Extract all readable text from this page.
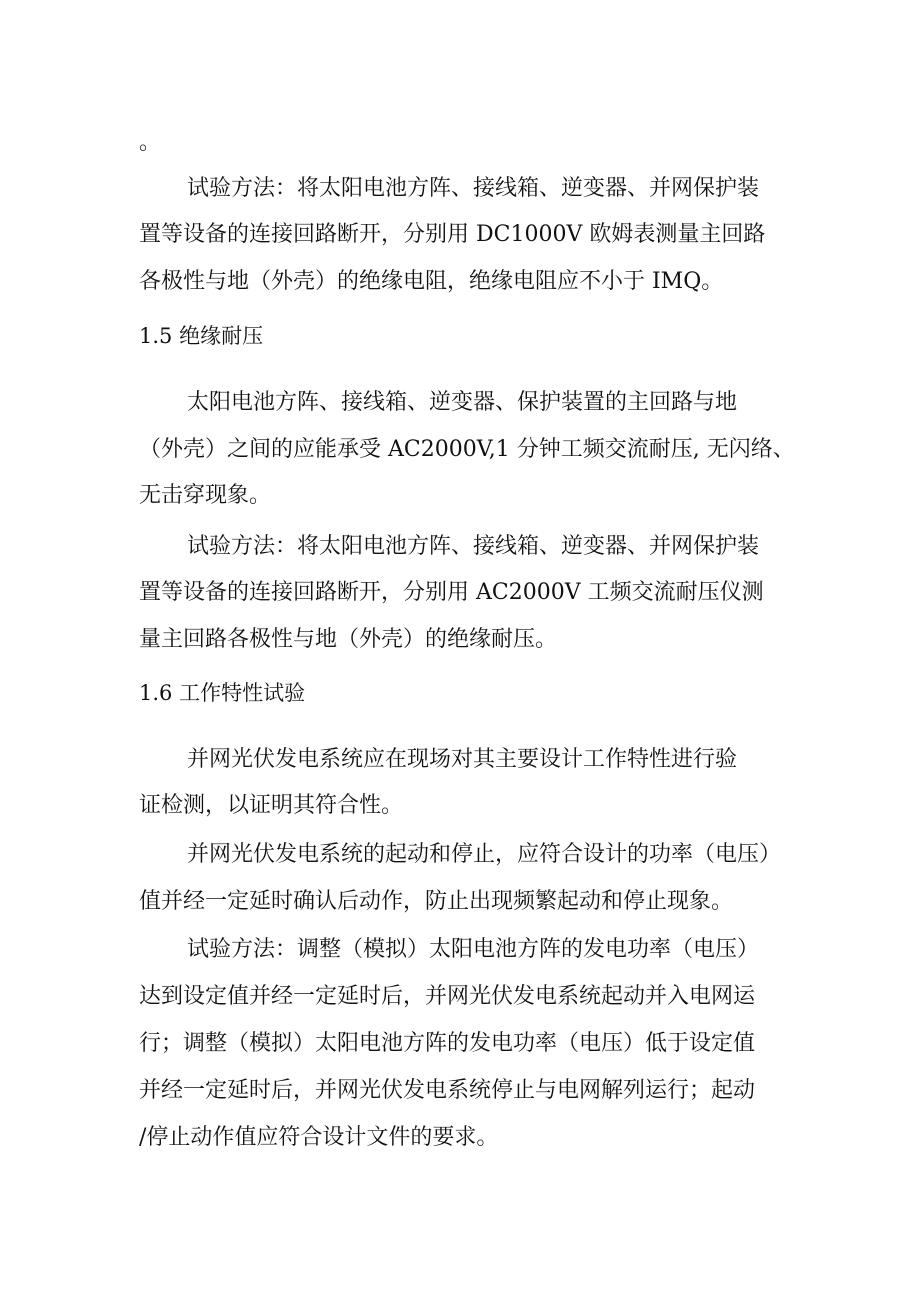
。
试验方法：将太阳电池方阵、接线箱、逆变器、并网保护装
置等设备的连接回路断开，分别用 DC1000V 欧姆表测量主回路
各极性与地（外壳）的绝缘电阻，绝缘电阻应不小于 IMQ。
1.5 绝缘耐压
太阳电池方阵、接线箱、逆变器、保护装置的主回路与地
（外壳）之间的应能承受 AC2000V,1 分钟工频交流耐压, 无闪络、
无击穿现象。
试验方法：将太阳电池方阵、接线箱、逆变器、并网保护装
置等设备的连接回路断开，分别用 AC2000V 工频交流耐压仪测
量主回路各极性与地（外壳）的绝缘耐压。
1.6 工作特性试验
并网光伏发电系统应在现场对其主要设计工作特性进行验
证检测，以证明其符合性。
并网光伏发电系统的起动和停止，应符合设计的功率（电压）
值并经一定延时确认后动作，防止出现频繁起动和停止现象。
试验方法：调整（模拟）太阳电池方阵的发电功率（电压）
达到设定值并经一定延时后，并网光伏发电系统起动并入电网运
行；调整（模拟）太阳电池方阵的发电功率（电压）低于设定值
并经一定延时后，并网光伏发电系统停止与电网解列运行；起动
/停止动作值应符合设计文件的要求。
